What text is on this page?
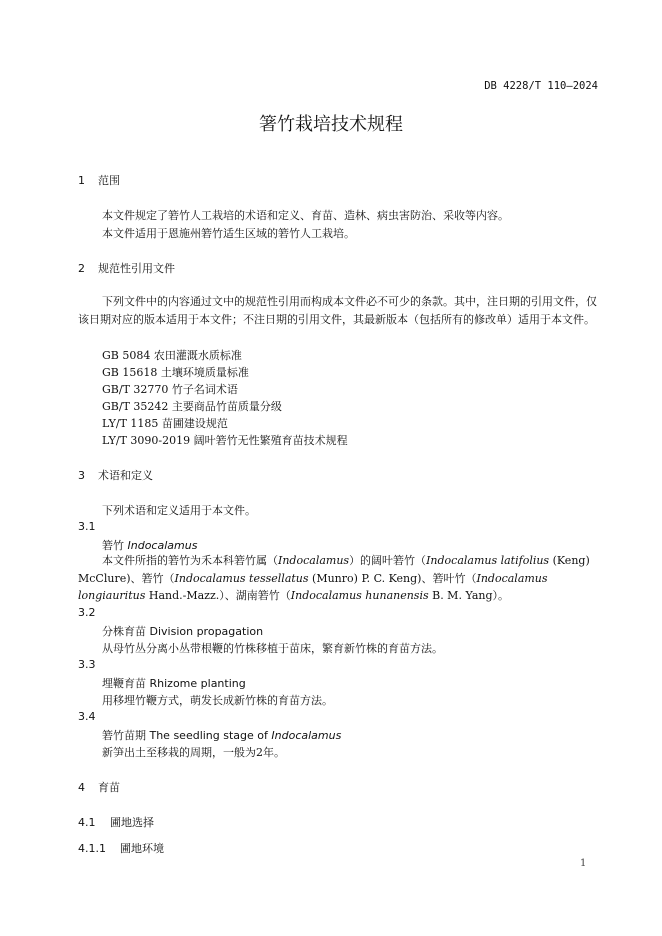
DB 4228/T 110—2024
箸竹栽培技术规程
1 范围
本文件规定了箬竹人工栽培的术语和定义、育苗、造林、病虫害防治、采收等内容。
本文件适用于恩施州箬竹适生区域的箬竹人工栽培。
2 规范性引用文件
下列文件中的内容通过文中的规范性引用而构成本文件必不可少的条款。其中，注日期的引用文件，仅该日期对应的版本适用于本文件；不注日期的引用文件，其最新版本（包括所有的修改单）适用于本文件。
GB 5084 农田灌溉水质标准
GB 15618 土壤环境质量标准
GB/T 32770 竹子名词术语
GB/T 35242 主要商品竹苗质量分级
LY/T 1185 苗圃建设规范
LY/T 3090-2019 阔叶箬竹无性繁殖育苗技术规程
3 术语和定义
下列术语和定义适用于本文件。
3.1
箬竹 Indocalamus
本文件所指的箬竹为禾本科箬竹属（Indocalamus）的阔叶箬竹（Indocalamus latifolius (Keng) McClure)、箬竹（Indocalamus tessellatus (Munro) P. C. Keng)、箬叶竹（Indocalamus longiauritus Hand.-Mazz.）、湖南箬竹（Indocalamus hunanensis B. M. Yang）。
3.2
分株育苗 Division propagation
从母竹丛分离小丛带根鞭的竹株移植于苗床，繁育新竹株的育苗方法。
3.3
埋鞭育苗 Rhizome planting
用移埋竹鞭方式，萌发长成新竹株的育苗方法。
3.4
箬竹苗期 The seedling stage of Indocalamus
新笋出土至移栽的周期，一般为2年。
4 育苗
4.1 圃地选择
4.1.1 圃地环境
1
